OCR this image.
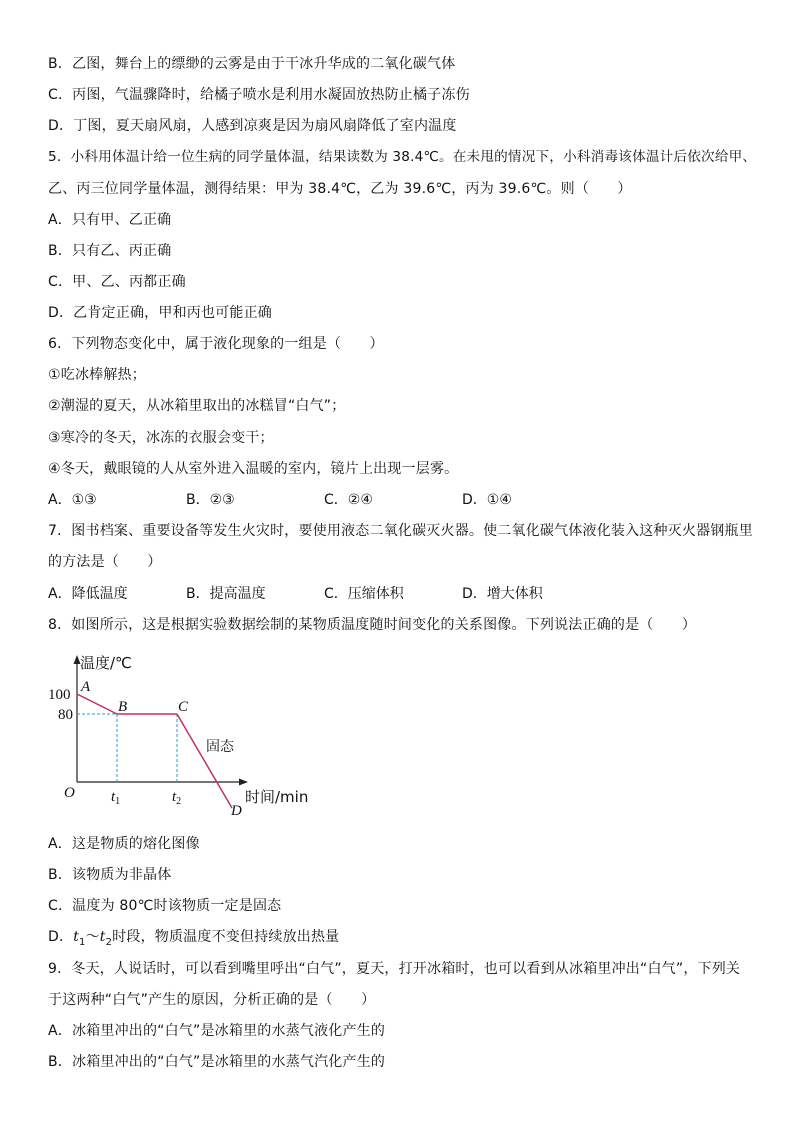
B．乙图，舞台上的缥缈的云雾是由于干冰升华成的二氧化碳气体
C．丙图，气温骤降时，给橘子喷水是利用水凝固放热防止橘子冻伤
D．丁图，夏天扇风扇，人感到凉爽是因为扇风扇降低了室内温度
5．小科用体温计给一位生病的同学量体温，结果读数为 38.4℃。在未甩的情况下，小科消毒该体温计后依次给甲、
乙、丙三位同学量体温，测得结果：甲为 38.4℃，乙为 39.6℃，丙为 39.6℃。则（　　）
A．只有甲、乙正确
B．只有乙、丙正确
C．甲、乙、丙都正确
D．乙肯定正确，甲和丙也可能正确
6．下列物态变化中，属于液化现象的一组是（　　）
①吃冰棒解热；
②潮湿的夏天，从冰箱里取出的冰糕冒“白气”；
③寒冷的冬天，冰冻的衣服会变干；
④冬天，戴眼镜的人从室外进入温暖的室内，镜片上出现一层雾。
A．①③	B．②③	C．②④	D．①④
7．图书档案、重要设备等发生火灾时，要使用液态二氧化碳灭火器。使二氧化碳气体液化装入这种灭火器钢瓶里
的方法是（　　）
A．降低温度	B．提高温度	C．压缩体积	D．增大体积
8．如图所示，这是根据实验数据绘制的某物质温度随时间变化的关系图像。下列说法正确的是（　　）
温度/℃
时间/min
O
100
80
$t_1$	$t_2$
A
B	C
D
固态
A．这是物质的熔化图像
B．该物质为非晶体
C．温度为 80℃时该物质一定是固态
D．$t_1\sim t_2$时段，物质温度不变但持续放出热量
9．冬天，人说话时，可以看到嘴里呼出“白气”，夏天，打开冰箱时，也可以看到从冰箱里冲出“白气”，下列关
于这两种“白气”产生的原因，分析正确的是（　　）
A．冰箱里冲出的“白气”是冰箱里的水蒸气液化产生的
B．冰箱里冲出的“白气”是冰箱里的水蒸气汽化产生的
